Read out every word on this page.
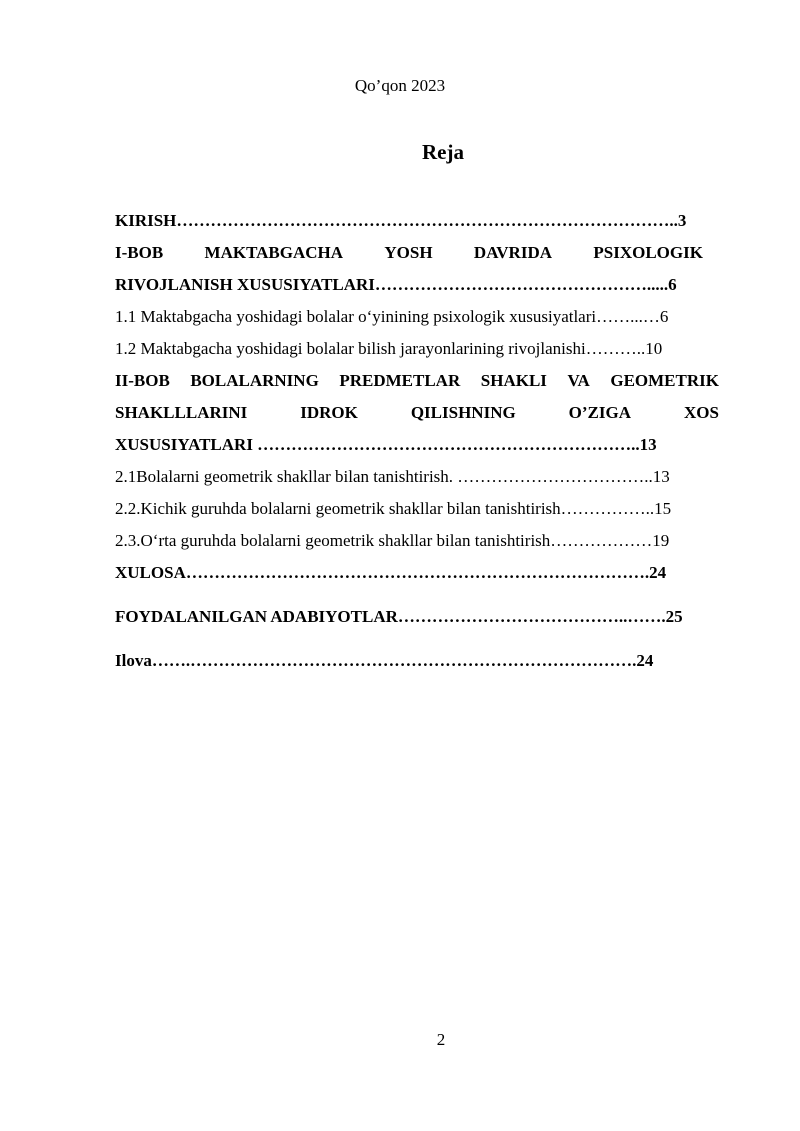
Qo’qon 2023
Reja
KIRISH……………………………………………………………………………..3
I-BOB MAKTABGACHA YOSH DAVRIDA PSIXOLOGIK
RIVOJLANISH XUSUSIYATLARI………………………………………….....6
1.1 Maktabgacha yoshidagi bolalar o‘yinining psixologik xususiyatlari……...…6
1.2 Maktabgacha yoshidagi bolalar bilish jarayonlarining rivojlanishi………..10
II-BOB BOLALARNING PREDMETLAR SHAKLI VA GEOMETRIK
SHAKLLLARINI	IDROK	QILISHNING	O’ZIGA	XOS
XUSUSIYATLARI …………………………………………………………..13
2.1Bolalarni geometrik shakllar bilan tanishtirish. ……………………………..13
2.2.Kichik guruhda bolalarni geometrik shakllar bilan tanishtirish……………..15
2.3.O‘rta guruhda bolalarni geometrik shakllar bilan tanishtirish………………19
XULOSA……………………………………………………………………….24
FOYDALANILGAN ADABIYOTLAR…………………………………..…….25
Ilova…….…………………………………………………………………….24
2
